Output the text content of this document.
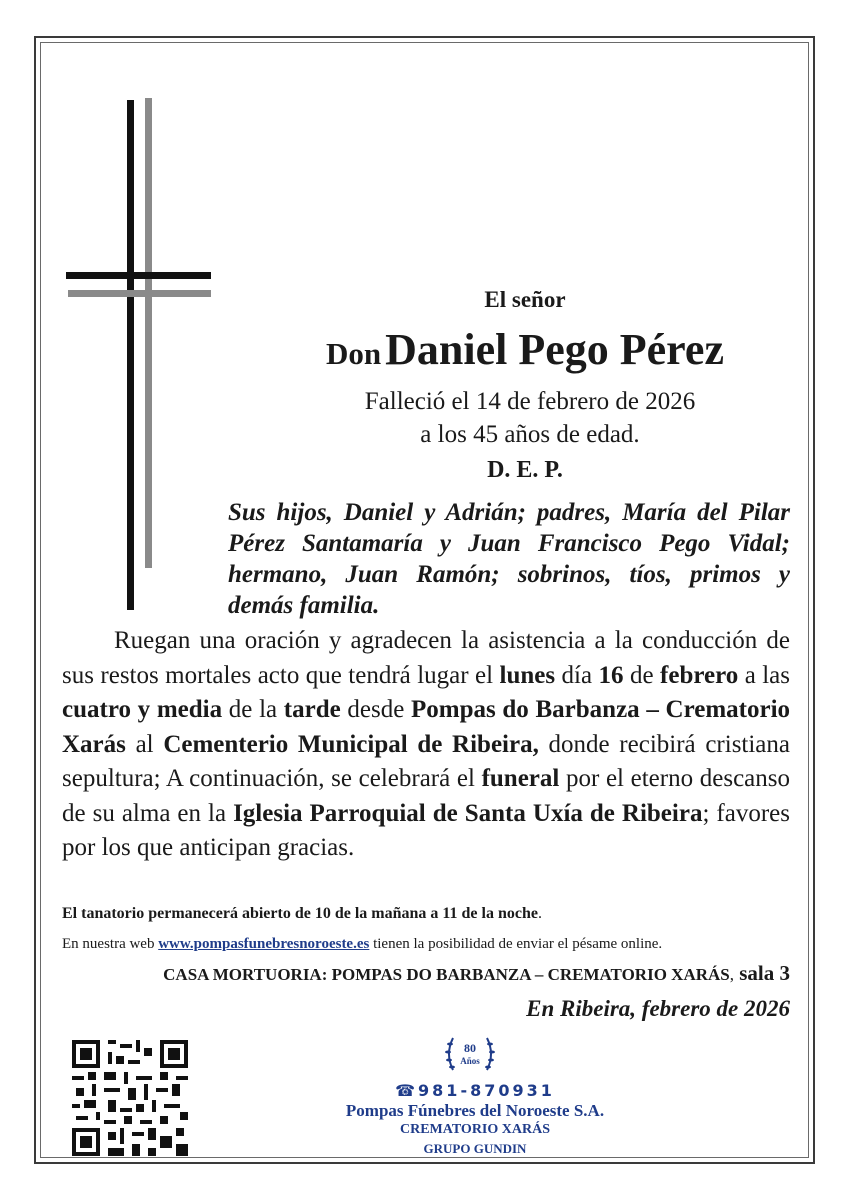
El señor
Don Daniel Pego Pérez
Falleció el 14 de febrero de 2026
a los 45 años de edad.
D. E. P.
Sus hijos, Daniel y Adrián; padres, María del Pilar Pérez Santamaría y Juan Francisco Pego Vidal; hermano, Juan Ramón; sobrinos, tíos, primos y demás familia.
Ruegan una oración y agradecen la asistencia a la conducción de sus restos mortales acto que tendrá lugar el lunes día 16 de febrero a las cuatro y media de la tarde desde Pompas do Barbanza – Crematorio Xarás al Cementerio Municipal de Ribeira, donde recibirá cristiana sepultura; A continuación, se celebrará el funeral por el eterno descanso de su alma en la Iglesia Parroquial de Santa Uxía de Ribeira; favores por los que anticipan gracias.
El tanatorio permanecerá abierto de 10 de la mañana a 11 de la noche.
En nuestra web www.pompasfunebresnoroeste.es tienen la posibilidad de enviar el pésame online.
CASA MORTUORIA: POMPAS DO BARBANZA – CREMATORIO XARÁS, sala 3
En Ribeira, febrero de 2026
80
Años
☎981-870931
Pompas Fúnebres del Noroeste S.A.
CREMATORIO XARÁS
GRUPO GUNDIN
